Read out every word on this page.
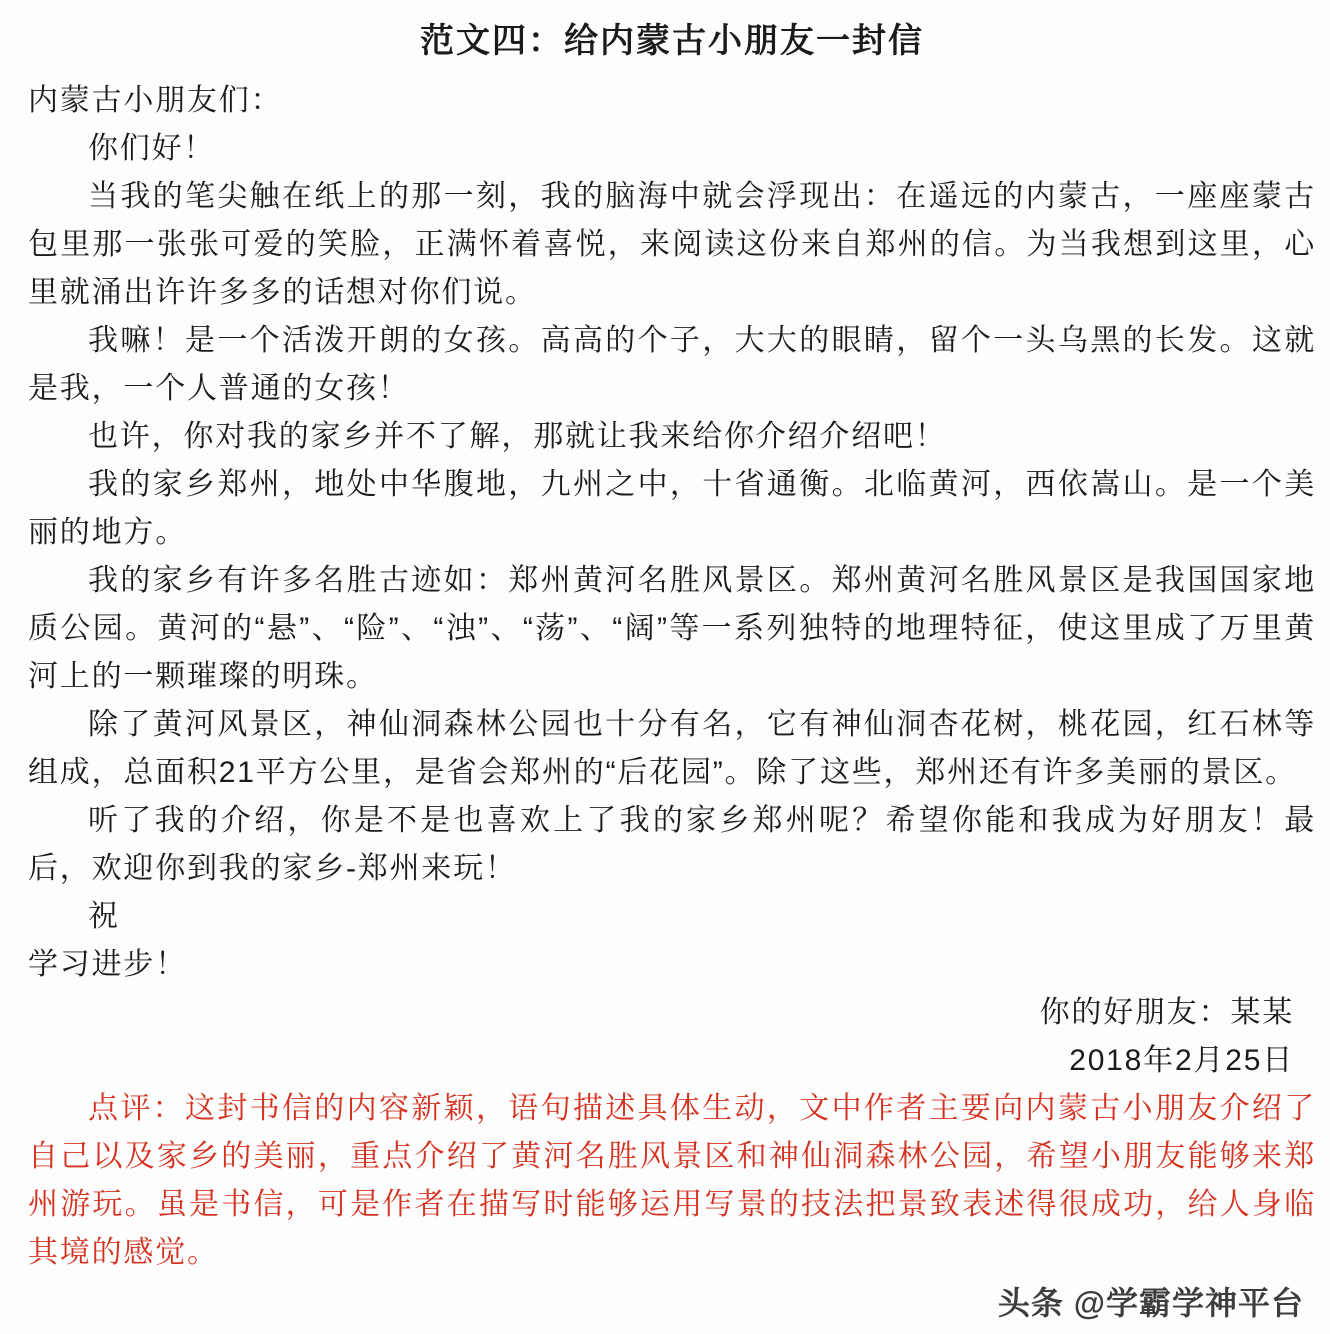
范文四：给内蒙古小朋友一封信

内蒙古小朋友们：

你们好！

当我的笔尖触在纸上的那一刻，我的脑海中就会浮现出：在遥远的内蒙古，一座座蒙古包里那一张张可爱的笑脸，正满怀着喜悦，来阅读这份来自郑州的信。为当我想到这里，心里就涌出许许多多的话想对你们说。

我嘛！是一个活泼开朗的女孩。高高的个子，大大的眼睛，留个一头乌黑的长发。这就是我，一个人普通的女孩！

也许，你对我的家乡并不了解，那就让我来给你介绍介绍吧！

我的家乡郑州，地处中华腹地，九州之中，十省通衡。北临黄河，西依嵩山。是一个美丽的地方。

我的家乡有许多名胜古迹如：郑州黄河名胜风景区。郑州黄河名胜风景区是我国国家地质公园。黄河的“悬”、“险”、“浊”、“荡”、“阔”等一系列独特的地理特征，使这里成了万里黄河上的一颗璀璨的明珠。

除了黄河风景区，神仙洞森林公园也十分有名，它有神仙洞杏花树，桃花园，红石林等组成，总面积21平方公里，是省会郑州的“后花园”。除了这些，郑州还有许多美丽的景区。

听了我的介绍，你是不是也喜欢上了我的家乡郑州呢？希望你能和我成为好朋友！最后，欢迎你到我的家乡-郑州来玩！

祝

学习进步！

你的好朋友：某某

2018年2月25日

点评：这封书信的内容新颖，语句描述具体生动，文中作者主要向内蒙古小朋友介绍了自己以及家乡的美丽，重点介绍了黄河名胜风景区和神仙洞森林公园，希望小朋友能够来郑州游玩。虽是书信，可是作者在描写时能够运用写景的技法把景致表述得很成功，给人身临其境的感觉。

头条 @学霸学神平台
